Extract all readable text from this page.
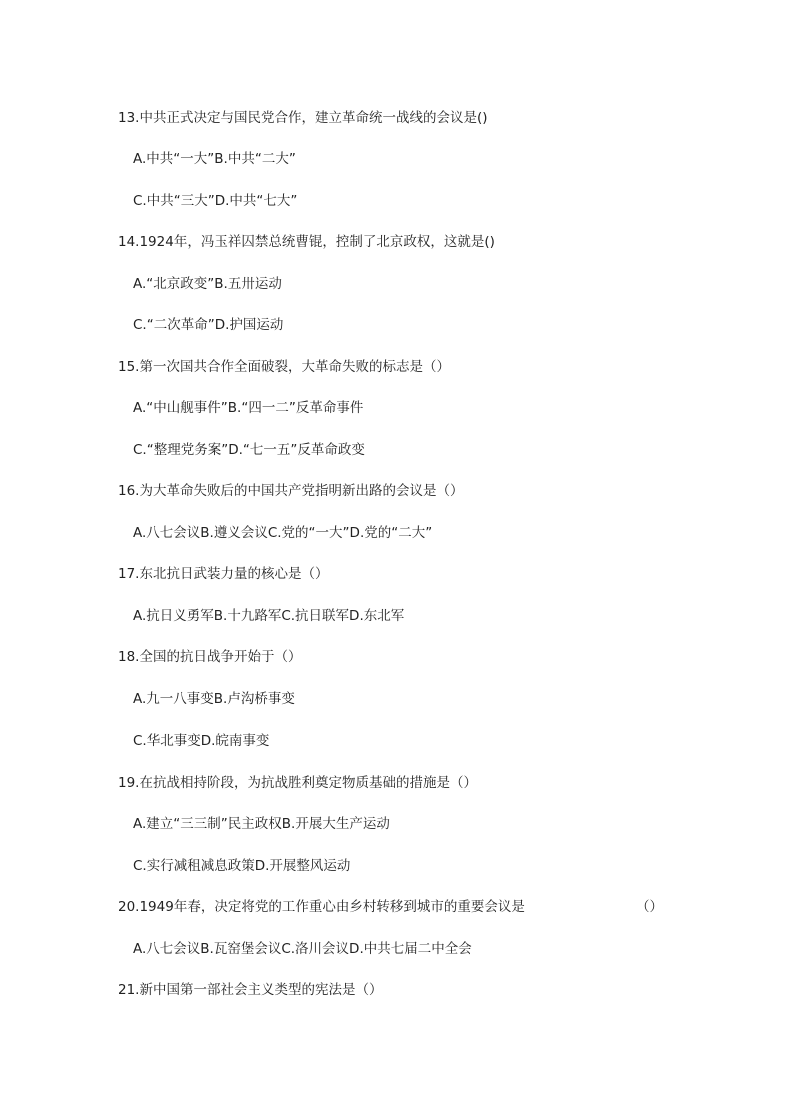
13.中共正式决定与国民党合作，建立革命统一战线的会议是()
A.中共“一大”B.中共“二大”
C.中共“三大”D.中共“七大”
14.1924年，冯玉祥囚禁总统曹锟，控制了北京政权，这就是()
A.“北京政变”B.五卅运动
C.“二次革命”D.护国运动
15.第一次国共合作全面破裂，大革命失败的标志是（）
A.“中山舰事件”B.“四一二”反革命事件
C.“整理党务案”D.“七一五”反革命政变
16.为大革命失败后的中国共产党指明新出路的会议是（）
A.八七会议B.遵义会议C.党的“一大”D.党的“二大”
17.东北抗日武装力量的核心是（）
A.抗日义勇军B.十九路军C.抗日联军D.东北军
18.全国的抗日战争开始于（）
A.九一八事变B.卢沟桥事变
C.华北事变D.皖南事变
19.在抗战相持阶段，为抗战胜利奠定物质基础的措施是（）
A.建立“三三制”民主政权B.开展大生产运动
C.实行减租减息政策D.开展整风运动
20.1949年春，决定将党的工作重心由乡村转移到城市的重要会议是	（）
A.八七会议B.瓦窑堡会议C.洛川会议D.中共七届二中全会
21.新中国第一部社会主义类型的宪法是（）
